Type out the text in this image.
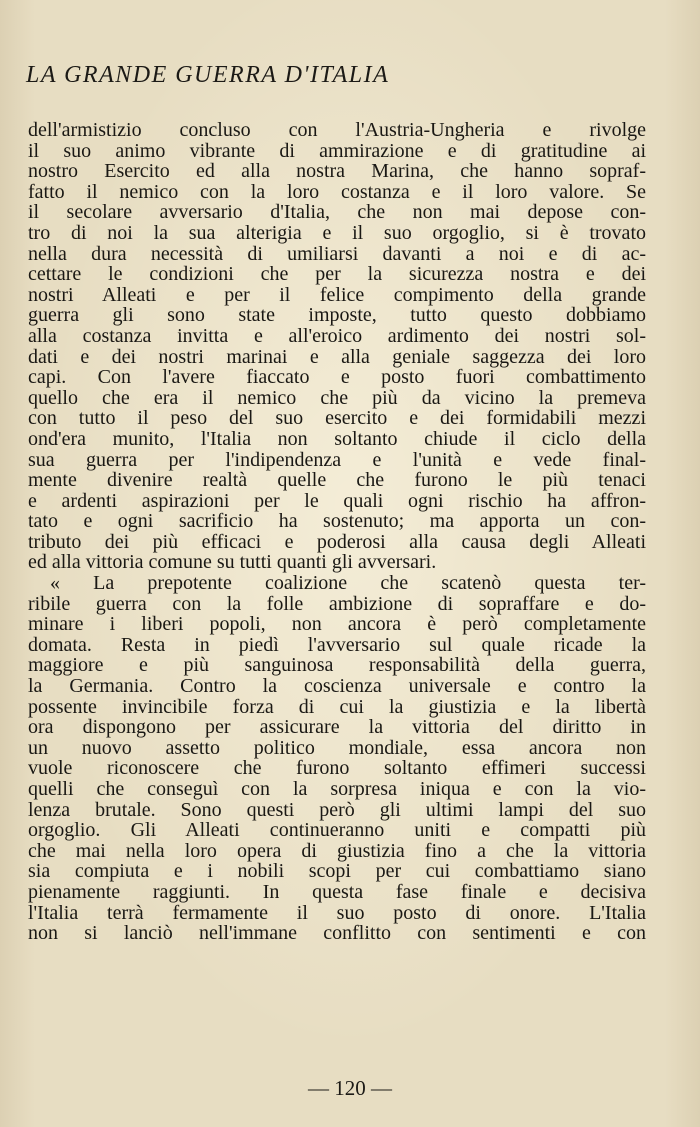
LA GRANDE GUERRA D'ITALIA
dell'armistizio concluso con l'Austria-Ungheria e rivolge
il suo animo vibrante di ammirazione e di gratitudine ai
nostro Esercito ed alla nostra Marina, che hanno sopraf-
fatto il nemico con la loro costanza e il loro valore. Se
il secolare avversario d'Italia, che non mai depose con-
tro di noi la sua alterigia e il suo orgoglio, si è trovato
nella dura necessità di umiliarsi davanti a noi e di ac-
cettare le condizioni che per la sicurezza nostra e dei
nostri Alleati e per il felice compimento della grande
guerra gli sono state imposte, tutto questo dobbiamo
alla costanza invitta e all'eroico ardimento dei nostri sol-
dati e dei nostri marinai e alla geniale saggezza dei loro
capi. Con l'avere fiaccato e posto fuori combattimento
quello che era il nemico che più da vicino la premeva
con tutto il peso del suo esercito e dei formidabili mezzi
ond'era munito, l'Italia non soltanto chiude il ciclo della
sua guerra per l'indipendenza e l'unità e vede final-
mente divenire realtà quelle che furono le più tenaci
e ardenti aspirazioni per le quali ogni rischio ha affron-
tato e ogni sacrificio ha sostenuto; ma apporta un con-
tributo dei più efficaci e poderosi alla causa degli Alleati
ed alla vittoria comune su tutti quanti gli avversari.
« La prepotente coalizione che scatenò questa ter-
ribile guerra con la folle ambizione di sopraffare e do-
minare i liberi popoli, non ancora è però completamente
domata. Resta in piedì l'avversario sul quale ricade la
maggiore e più sanguinosa responsabilità della guerra,
la Germania. Contro la coscienza universale e contro la
possente invincibile forza di cui la giustizia e la libertà
ora dispongono per assicurare la vittoria del diritto in
un nuovo assetto politico mondiale, essa ancora non
vuole riconoscere che furono soltanto effimeri successi
quelli che conseguì con la sorpresa iniqua e con la vio-
lenza brutale. Sono questi però gli ultimi lampi del suo
orgoglio. Gli Alleati continueranno uniti e compatti più
che mai nella loro opera di giustizia fino a che la vittoria
sia compiuta e i nobili scopi per cui combattiamo siano
pienamente raggiunti. In questa fase finale e decisiva
l'Italia terrà fermamente il suo posto di onore. L'Italia
non si lanciò nell'immane conflitto con sentimenti e con
— 120 —
